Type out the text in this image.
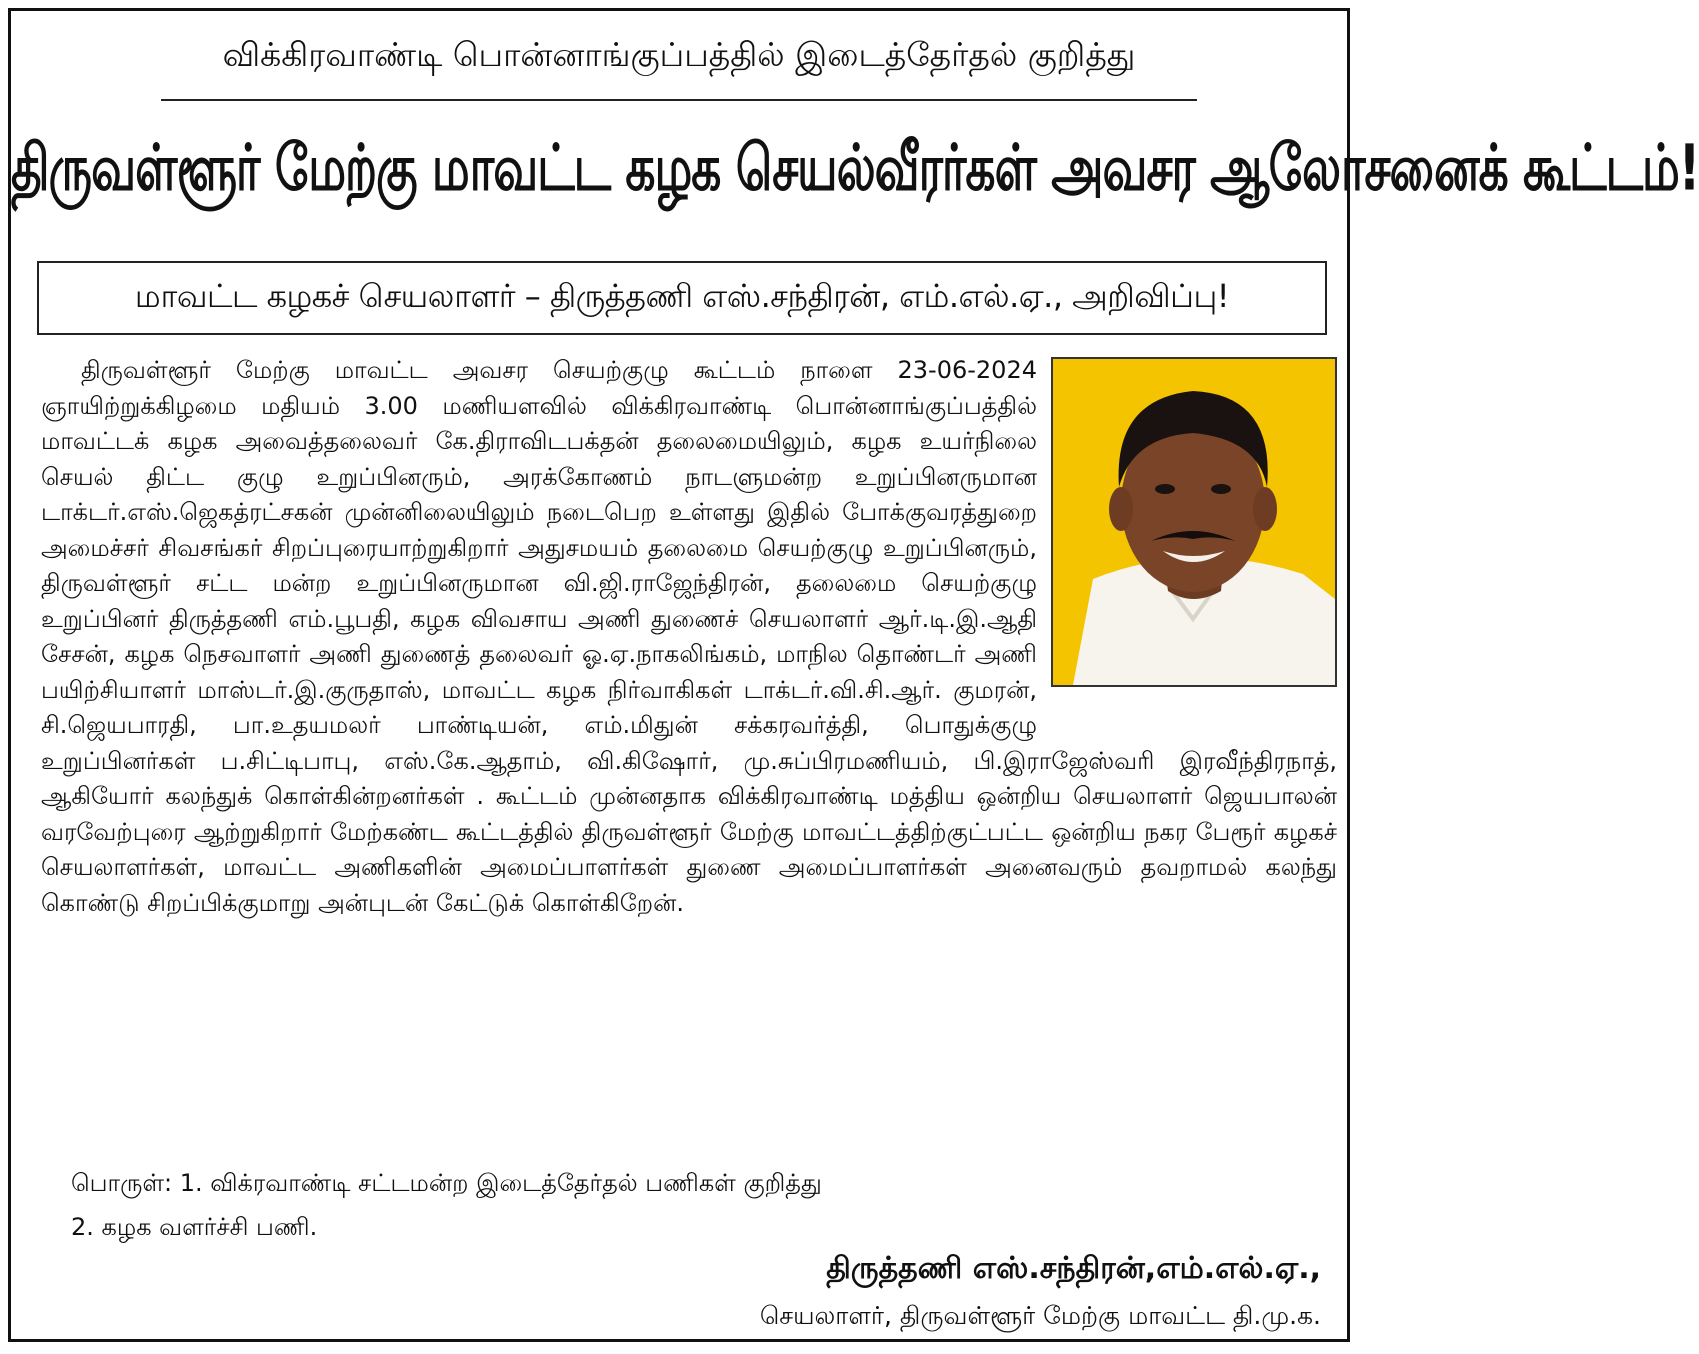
விக்கிரவாண்டி பொன்னாங்குப்பத்தில் இடைத்தேர்தல் குறித்து
திருவள்ளூர் மேற்கு மாவட்ட கழக செயல்வீரர்கள் அவசர ஆலோசனைக் கூட்டம்!
மாவட்ட கழகச் செயலாளர் – திருத்தணி எஸ்.சந்திரன், எம்.எல்.ஏ., அறிவிப்பு!

திருவள்ளூர் மேற்கு மாவட்ட அவசர செயற்குழு கூட்டம் நாளை 23-06-2024 ஞாயிற்றுக்கிழமை மதியம் 3.00 மணியளவில் விக்கிரவாண்டி பொன்னாங்குப்பத்தில் மாவட்டக் கழக அவைத்தலைவர் கே.திராவிடபக்தன் தலைமையிலும், கழக உயர்நிலை செயல் திட்ட குழு உறுப்பினரும், அரக்கோணம் நாடளுமன்ற உறுப்பினருமான டாக்டர்.எஸ்.ஜெகத்ரட்சகன் முன்னிலையிலும் நடைபெற உள்ளது இதில் போக்குவரத்துறை அமைச்சர் சிவசங்கர் சிறப்புரையாற்றுகிறார் அதுசமயம் தலைமை செயற்குழு உறுப்பினரும், திருவள்ளூர் சட்ட மன்ற உறுப்பினருமான வி.ஜி.ராஜேந்திரன், தலைமை செயற்குழு உறுப்பினர் திருத்தணி எம்.பூபதி, கழக விவசாய அணி துணைச் செயலாளர் ஆர்.டி.இ.ஆதி சேசன், கழக நெசவாளர் அணி துணைத் தலைவர் ஓ.ஏ.நாகலிங்கம், மாநில தொண்டர் அணி பயிற்சியாளர் மாஸ்டர்.இ.குருதாஸ், மாவட்ட கழக நிர்வாகிகள் டாக்டர்.வி.சி.ஆர். குமரன், சி.ஜெயபாரதி, பா.உதயமலர் பாண்டியன், எம்.மிதுன் சக்கரவர்த்தி, பொதுக்குழு உறுப்பினர்கள் ப.சிட்டிபாபு, எஸ்.கே.ஆதாம், வி.கிஷோர், மு.சுப்பிரமணியம், பி.இராஜேஸ்வரி இரவீந்திரநாத், ஆகியோர் கலந்துக் கொள்கின்றனர்கள் . கூட்டம் முன்னதாக விக்கிரவாண்டி மத்திய ஒன்றிய செயலாளர் ஜெயபாலன் வரவேற்புரை ஆற்றுகிறார் மேற்கண்ட கூட்டத்தில் திருவள்ளூர் மேற்கு மாவட்டத்திற்குட்பட்ட ஒன்றிய நகர பேரூர் கழகச் செயலாளர்கள், மாவட்ட அணிகளின் அமைப்பாளர்கள் துணை அமைப்பாளர்கள் அனைவரும் தவறாமல் கலந்து கொண்டு சிறப்பிக்குமாறு அன்புடன் கேட்டுக் கொள்கிறேன்.

பொருள்: 1. விக்ரவாண்டி சட்டமன்ற இடைத்தேர்தல் பணிகள் குறித்து
2. கழக வளர்ச்சி பணி.
திருத்தணி எஸ்.சந்திரன்,எம்.எல்.ஏ.,
செயலாளர், திருவள்ளூர் மேற்கு மாவட்ட தி.மு.க.
